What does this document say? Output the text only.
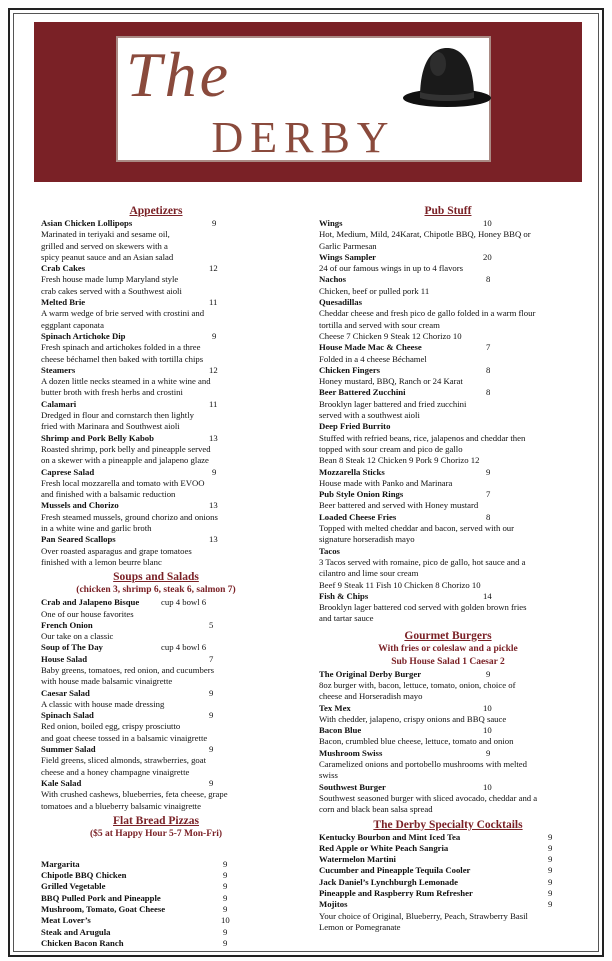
The
DERBY
Appetizers
Asian Chicken Lollipops	9
Marinated in teriyaki and sesame oil,
grilled and served on skewers with a
spicy peanut sauce and an Asian salad
Crab Cakes	12
Fresh house made lump Maryland style
crab cakes served with a Southwest aioli
Melted Brie	11
A warm wedge of brie served with crostini and
eggplant caponata
Spinach Artichoke Dip	9
Fresh spinach and artichokes folded in a three
cheese béchamel then baked with tortilla chips
Steamers	12
A dozen little necks steamed in a white wine and
butter broth with fresh herbs and crostini
Calamari	11
Dredged in flour and cornstarch then lightly
fried with Marinara and Southwest aioli
Shrimp and Pork Belly Kabob	13
Roasted shrimp, pork belly and pineapple served
on a skewer with a pineapple and jalapeno glaze
Caprese Salad	9
Fresh local mozzarella and tomato with EVOO
and finished with a balsamic reduction
Mussels and Chorizo	13
Fresh steamed mussels, ground chorizo and onions
in a white wine and garlic broth
Pan Seared Scallops	13
Over roasted asparagus and grape tomatoes
finished with a lemon beurre blanc
Soups and Salads
(chicken 3, shrimp 6, steak 6, salmon 7)
Crab and Jalapeno Bisque	cup 4 bowl 6
One of our house favorites
French Onion	5
Our take on a classic
Soup of The Day	cup 4 bowl 6
House Salad	7
Baby greens, tomatoes, red onion, and cucumbers
with house made balsamic vinaigrette
Caesar Salad	9
A classic with house made dressing
Spinach Salad	9
Red onion, boiled egg, crispy prosciutto
and goat cheese tossed in a balsamic vinaigrette
Summer Salad	9
Field greens, sliced almonds, strawberries, goat
cheese and a honey champagne vinaigrette
Kale Salad	9
With crushed cashews, blueberries, feta cheese, grape
tomatoes and a blueberry balsamic vinaigrette
Flat Bread Pizzas
($5 at Happy Hour 5-7 Mon-Fri)
Margarita	9
Chipotle BBQ Chicken	9
Grilled Vegetable	9
BBQ Pulled Pork and Pineapple	9
Mushroom, Tomato, Goat Cheese	9
Meat Lover’s	10
Steak and Arugula	9
Chicken Bacon Ranch	9
Pub Stuff
Wings	10
Hot, Medium, Mild, 24Karat, Chipotle BBQ, Honey BBQ or
Garlic Parmesan
Wings Sampler	20
24 of our famous wings in up to 4 flavors
Nachos	8
Chicken, beef or pulled pork 11
Quesadillas
Cheddar cheese and fresh pico de gallo folded in a warm flour
tortilla and served with sour cream
Cheese 7 Chicken 9 Steak 12 Chorizo 10
House Made Mac & Cheese	7
Folded in a 4 cheese Béchamel
Chicken Fingers	8
Honey mustard, BBQ, Ranch or 24 Karat
Beer Battered Zucchini	8
Brooklyn lager battered and fried zucchini
served with a southwest aioli
Deep Fried Burrito
Stuffed with refried beans, rice, jalapenos and cheddar then
topped with sour cream and pico de gallo
Bean 8 Steak 12 Chicken 9 Pork 9 Chorizo 12
Mozzarella Sticks	9
House made with Panko and Marinara
Pub Style Onion Rings	7
Beer battered and served with Honey mustard
Loaded Cheese Fries	8
Topped with melted cheddar and bacon, served with our
signature horseradish mayo
Tacos
3 Tacos served with romaine, pico de gallo, hot sauce and a
cilantro and lime sour cream
Beef 9 Steak 11 Fish 10 Chicken 8 Chorizo 10
Fish & Chips	14
Brooklyn lager battered cod served with golden brown fries
and tartar sauce
Gourmet Burgers
With fries or coleslaw and a pickle
Sub House Salad 1 Caesar 2
The Original Derby Burger	9
8oz burger with, bacon, lettuce, tomato, onion, choice of
cheese and Horseradish mayo
Tex Mex	10
With chedder, jalapeno, crispy onions and BBQ sauce
Bacon Blue	10
Bacon, crumbled blue cheese, lettuce, tomato and onion
Mushroom Swiss	9
Caramelized onions and portobello mushrooms with melted
swiss
Southwest Burger	10
Southwest seasoned burger with sliced avocado, cheddar and a
corn and black bean salsa spread
The Derby Specialty Cocktails
Kentucky Bourbon and Mint Iced Tea	9
Red Apple or White Peach Sangria	9
Watermelon Martini	9
Cucumber and Pineapple Tequila Cooler	9
Jack Daniel’s Lynchburgh Lemonade	9
Pineapple and Raspberry Rum Refresher	9
Mojitos	9
Your choice of Original, Blueberry, Peach, Strawberry Basil
Lemon or Pomegranate
